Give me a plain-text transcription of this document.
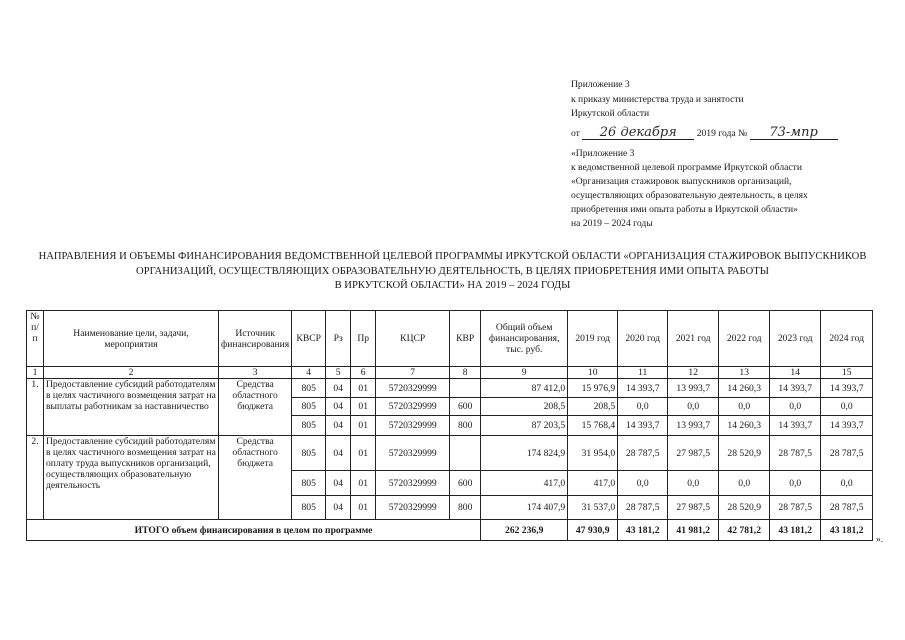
Приложение 3
к приказу министерства труда и занятости
Иркутской области
от 26 декабря 2019 года № 73-мпр
«Приложение 3
к ведомственной целевой программе Иркутской области
«Организация стажировок выпускников организаций,
осуществляющих образовательную деятельность, в целях
приобретения ими опыта работы в Иркутской области»
на 2019 – 2024 годы
НАПРАВЛЕНИЯ И ОБЪЕМЫ ФИНАНСИРОВАНИЯ ВЕДОМСТВЕННОЙ ЦЕЛЕВОЙ ПРОГРАММЫ ИРКУТСКОЙ ОБЛАСТИ «ОРГАНИЗАЦИЯ СТАЖИРОВОК ВЫПУСКНИКОВ
ОРГАНИЗАЦИЙ, ОСУЩЕСТВЛЯЮЩИХ ОБРАЗОВАТЕЛЬНУЮ ДЕЯТЕЛЬНОСТЬ, В ЦЕЛЯХ ПРИОБРЕТЕНИЯ ИМИ ОПЫТА РАБОТЫ
В ИРКУТСКОЙ ОБЛАСТИ» НА 2019 – 2024 ГОДЫ
№ п/п	Наименование цели, задачи, мероприятия	Источник финансирования	КВСР	Рз	Пр	КЦСР	КВР	Общий объем финансирования, тыс. руб.	2019 год	2020 год	2021 год	2022 год	2023 год	2024 год
1	2	3	4	5	6	7	8	9	10	11	12	13	14	15
1.	Предоставление субсидий работодателям в целях частичного возмещения затрат на выплаты работникам за наставничество	Средства областного бюджета	805	04	01	5720329999		87 412,0	15 976,9	14 393,7	13 993,7	14 260,3	14 393,7	14 393,7
			805	04	01	5720329999	600	208,5	208,5	0,0	0,0	0,0	0,0	0,0
			805	04	01	5720329999	800	87 203,5	15 768,4	14 393,7	13 993,7	14 260,3	14 393,7	14 393,7
2.	Предоставление субсидий работодателям в целях частичного возмещения затрат на оплату труда выпускников организаций, осуществляющих образовательную деятельность	Средства областного бюджета	805	04	01	5720329999		174 824,9	31 954,0	28 787,5	27 987,5	28 520,9	28 787,5	28 787,5
			805	04	01	5720329999	600	417,0	417,0	0,0	0,0	0,0	0,0	0,0
			805	04	01	5720329999	800	174 407,9	31 537,0	28 787,5	27 987,5	28 520,9	28 787,5	28 787,5
ИТОГО объем финансирования в целом по программе								262 236,9	47 930,9	43 181,2	41 981,2	42 781,2	43 181,2	43 181,2
».
